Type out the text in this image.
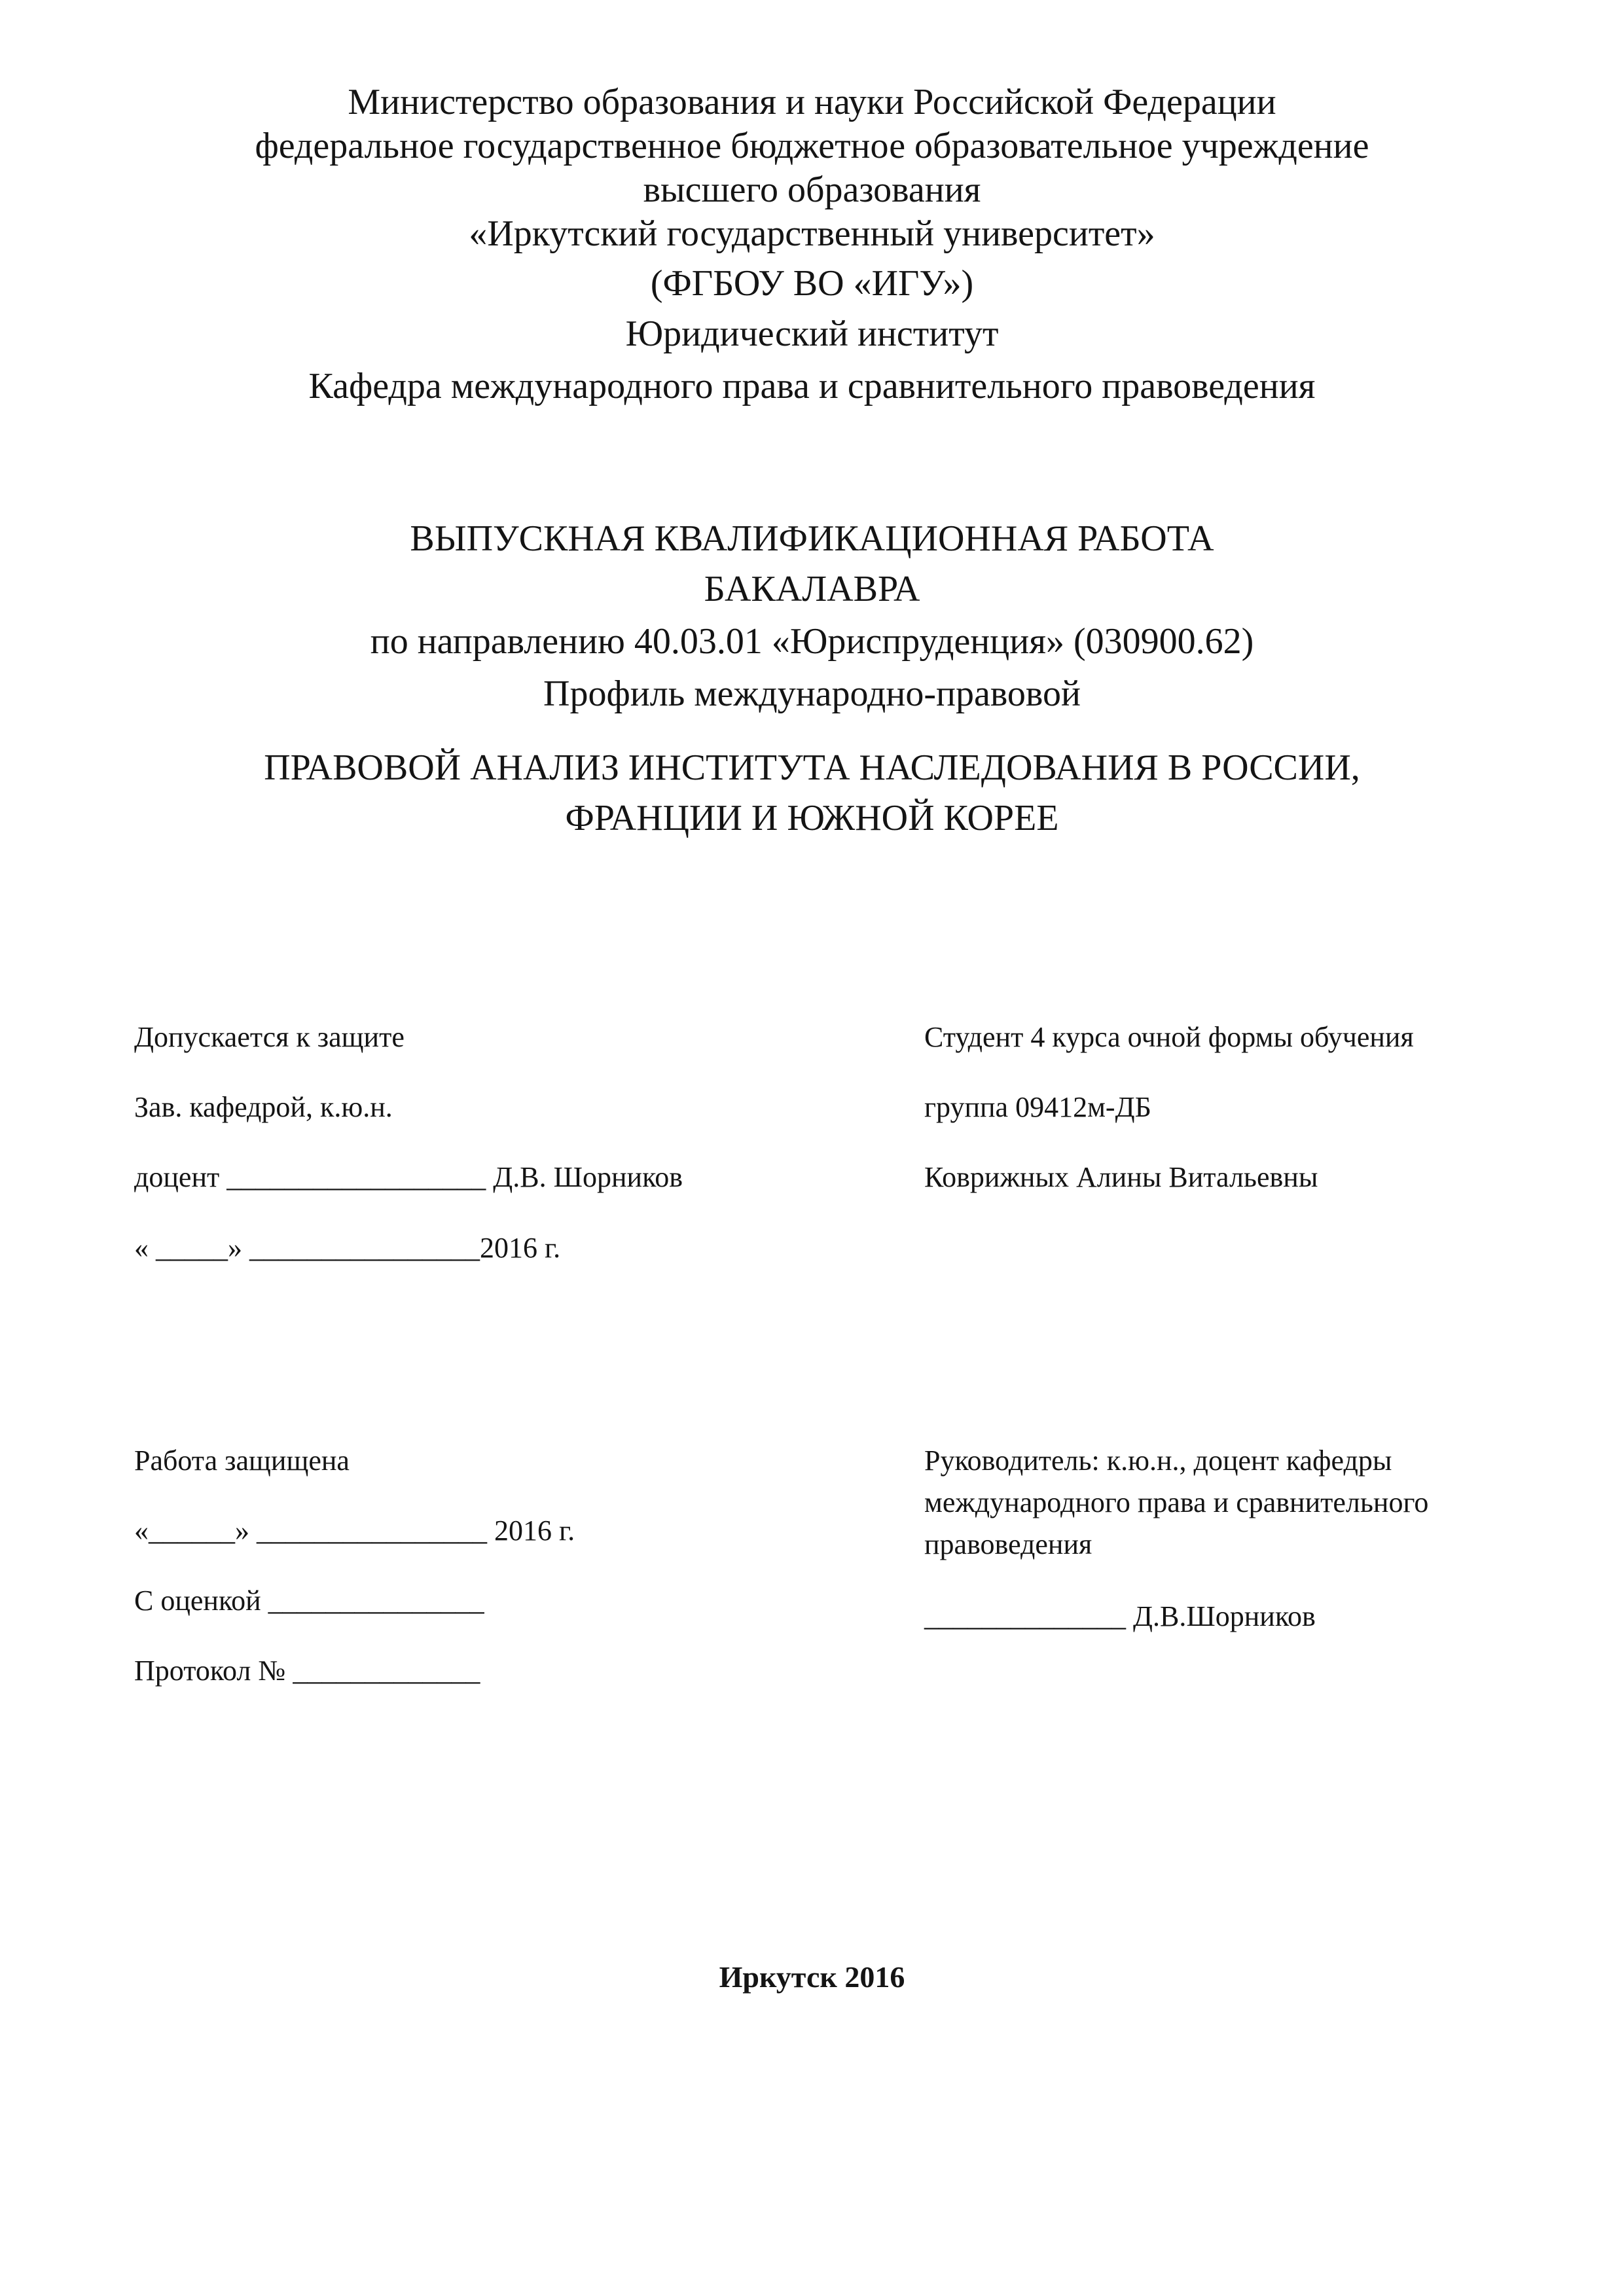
Министерство образования и науки Российской Федерации
федеральное государственное бюджетное образовательное учреждение
высшего образования
«Иркутский государственный университет»
(ФГБОУ ВО «ИГУ»)
Юридический институт
Кафедра международного права и сравнительного правоведения
ВЫПУСКНАЯ КВАЛИФИКАЦИОННАЯ РАБОТА
БАКАЛАВРА
по направлению 40.03.01 «Юриспруденция» (030900.62)
Профиль международно-правовой
ПРАВОВОЙ АНАЛИЗ ИНСТИТУТА НАСЛЕДОВАНИЯ В РОССИИ,
ФРАНЦИИ И ЮЖНОЙ КОРЕЕ
Допускается к защите
Зав. кафедрой, к.ю.н.
доцент __________________ Д.В. Шорников
« _____» ________________2016 г.
Студент 4 курса очной формы обучения
группа 09412м-ДБ
Коврижных Алины Витальевны
Работа защищена
«______» ________________ 2016 г.
С оценкой _______________
Протокол № _____________
Руководитель: к.ю.н., доцент кафедры
международного права и сравнительного
правоведения
______________ Д.В.Шорников
Иркутск 2016
